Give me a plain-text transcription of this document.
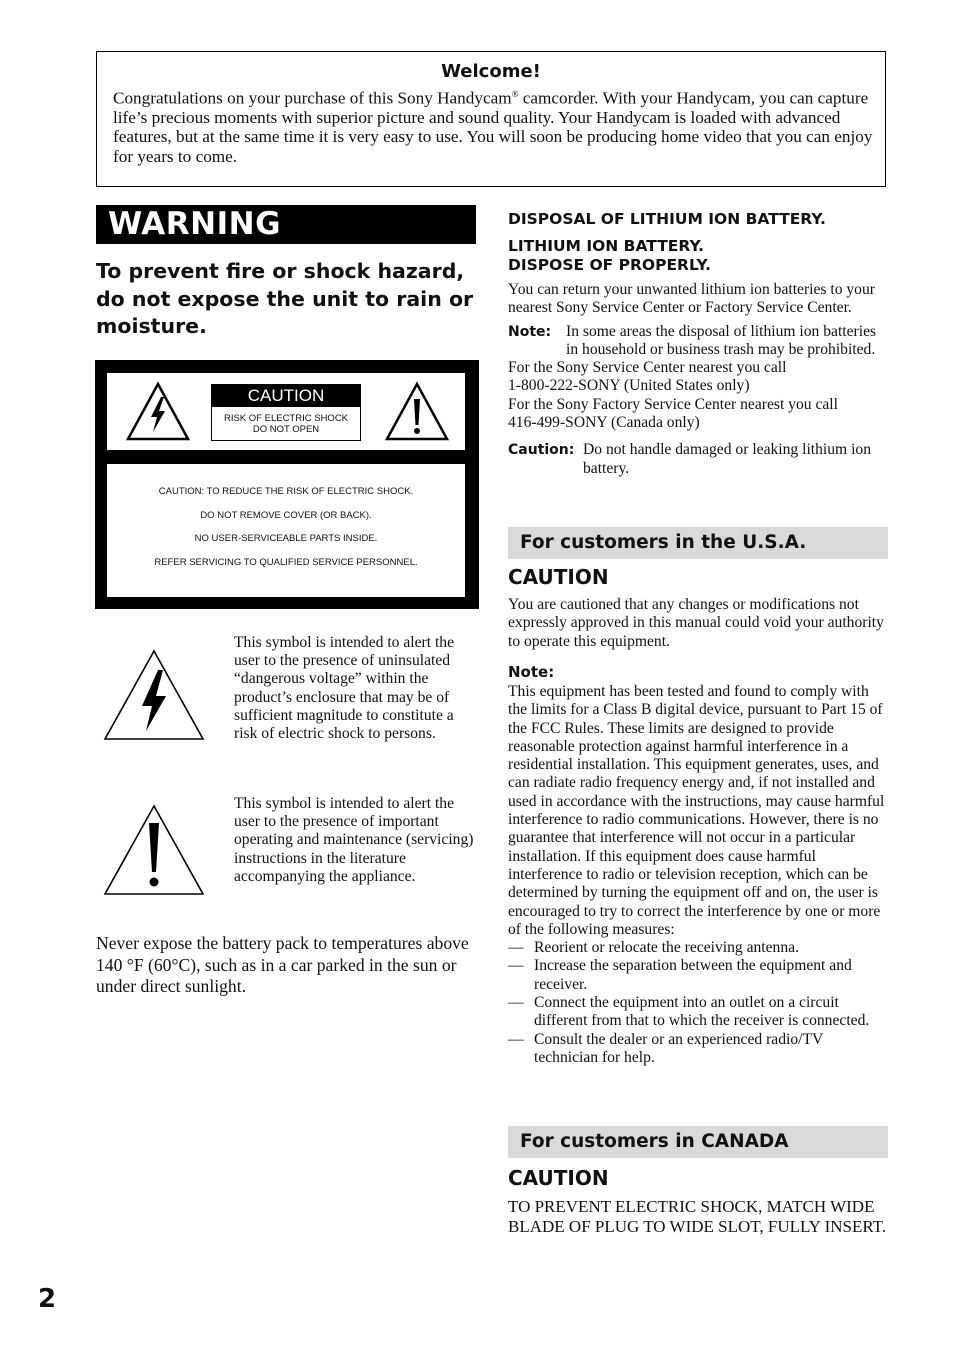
Welcome!
Congratulations on your purchase of this Sony Handycam® camcorder. With your Handycam, you can capture life’s precious moments with superior picture and sound quality. Your Handycam is loaded with advanced features, but at the same time it is very easy to use. You will soon be producing home video that you can enjoy for years to come.
WARNING
To prevent fire or shock hazard, do not expose the unit to rain or moisture.
CAUTION
RISK OF ELECTRIC SHOCK
DO NOT OPEN
CAUTION: TO REDUCE THE RISK OF ELECTRIC SHOCK.
DO NOT REMOVE COVER (OR BACK).
NO USER-SERVICEABLE PARTS INSIDE.
REFER SERVICING TO QUALIFIED SERVICE PERSONNEL.
This symbol is intended to alert the user to the presence of uninsulated “dangerous voltage” within the product’s enclosure that may be of sufficient magnitude to constitute a risk of electric shock to persons.
This symbol is intended to alert the user to the presence of important operating and maintenance (servicing) instructions in the literature accompanying the appliance.
Never expose the battery pack to temperatures above 140 °F (60°C), such as in a car parked in the sun or under direct sunlight.
DISPOSAL OF LITHIUM ION BATTERY.
LITHIUM ION BATTERY.
DISPOSE OF PROPERLY.
You can return your unwanted lithium ion batteries to your nearest Sony Service Center or Factory Service Center.
Note: In some areas the disposal of lithium ion batteries in household or business trash may be prohibited.
For the Sony Service Center nearest you call
1-800-222-SONY (United States only)
For the Sony Factory Service Center nearest you call
416-499-SONY (Canada only)
Caution: Do not handle damaged or leaking lithium ion battery.
For customers in the U.S.A.
CAUTION
You are cautioned that any changes or modifications not expressly approved in this manual could void your authority to operate this equipment.
Note:
This equipment has been tested and found to comply with the limits for a Class B digital device, pursuant to Part 15 of the FCC Rules. These limits are designed to provide reasonable protection against harmful interference in a residential installation. This equipment generates, uses, and can radiate radio frequency energy and, if not installed and used in accordance with the instructions, may cause harmful interference to radio communications. However, there is no guarantee that interference will not occur in a particular installation. If this equipment does cause harmful interference to radio or television reception, which can be determined by turning the equipment off and on, the user is encouraged to try to correct the interference by one or more of the following measures:
— Reorient or relocate the receiving antenna.
— Increase the separation between the equipment and receiver.
— Connect the equipment into an outlet on a circuit different from that to which the receiver is connected.
— Consult the dealer or an experienced radio/TV technician for help.
For customers in CANADA
CAUTION
TO PREVENT ELECTRIC SHOCK, MATCH WIDE BLADE OF PLUG TO WIDE SLOT, FULLY INSERT.
2
